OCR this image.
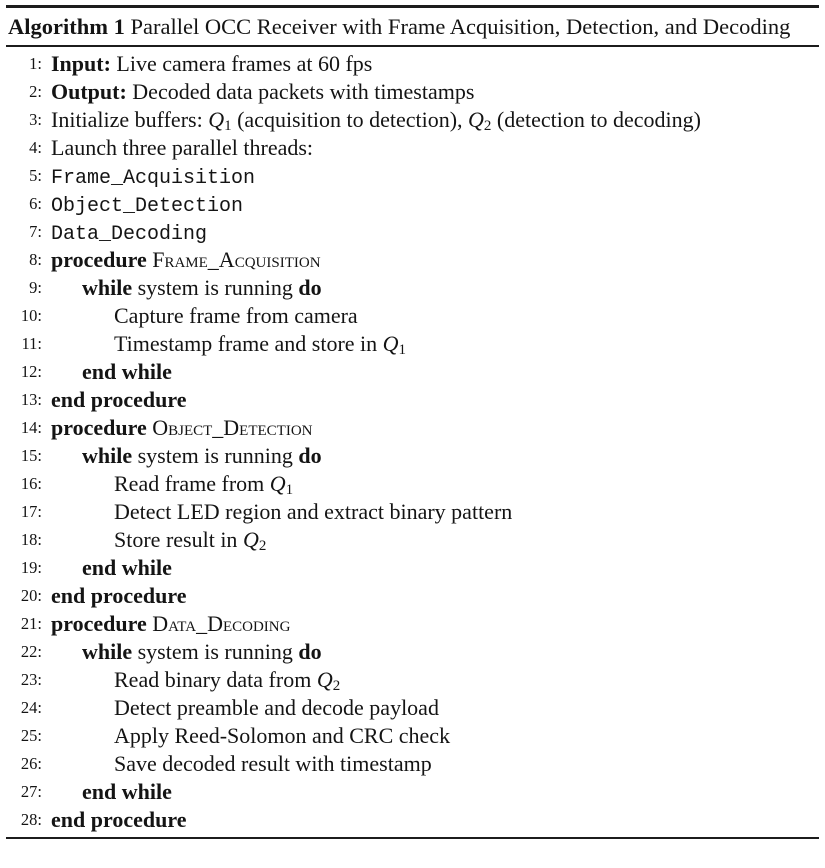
Algorithm 1 Parallel OCC Receiver with Frame Acquisition, Detection, and Decoding
1: Input: Live camera frames at 60 fps
2: Output: Decoded data packets with timestamps
3: Initialize buffers: Q1 (acquisition to detection), Q2 (detection to decoding)
4: Launch three parallel threads:
5: Frame_Acquisition
6: Object_Detection
7: Data_Decoding
8: procedure Frame_Acquisition
9:	while system is running do
10:	Capture frame from camera
11:	Timestamp frame and store in Q1
12:	end while
13: end procedure
14: procedure Object_Detection
15:	while system is running do
16:	Read frame from Q1
17:	Detect LED region and extract binary pattern
18:	Store result in Q2
19:	end while
20: end procedure
21: procedure Data_Decoding
22:	while system is running do
23:	Read binary data from Q2
24:	Detect preamble and decode payload
25:	Apply Reed-Solomon and CRC check
26:	Save decoded result with timestamp
27:	end while
28: end procedure
